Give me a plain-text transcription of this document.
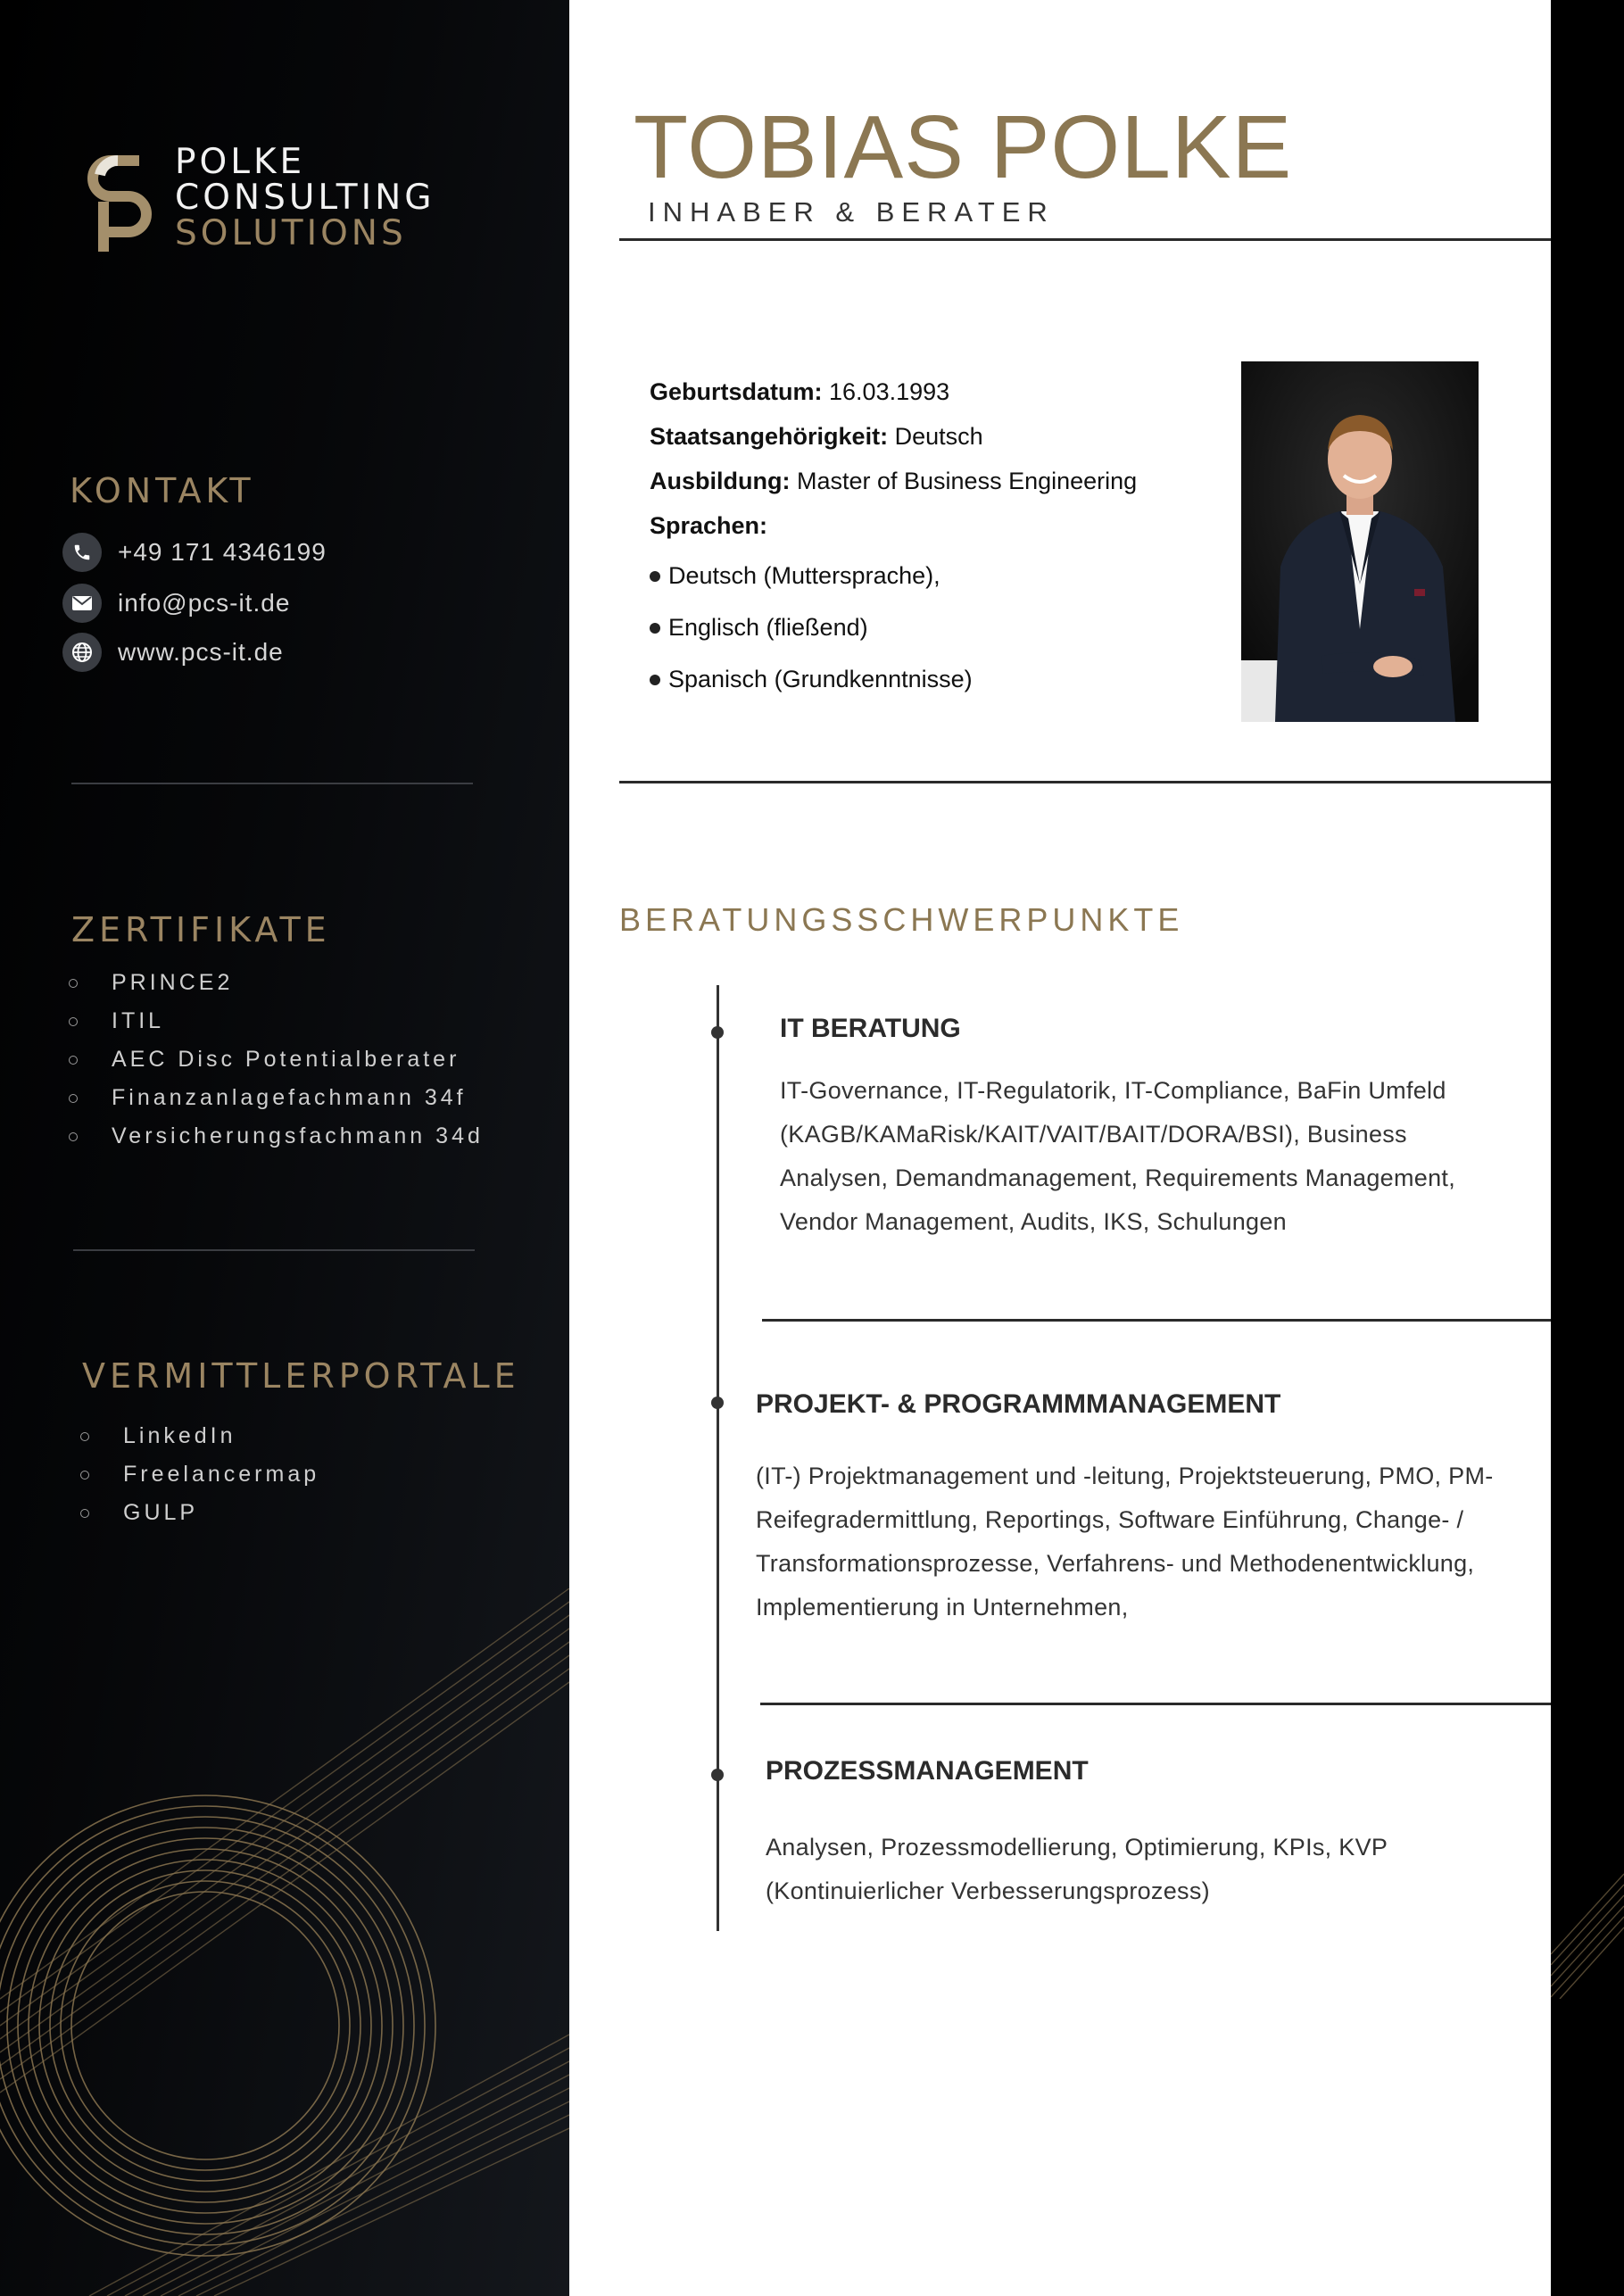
POLKE
CONSULTING
SOLUTIONS
KONTAKT
+49 171 4346199
info@pcs-it.de
www.pcs-it.de
ZERTIFIKATE
PRINCE2
ITIL
AEC Disc Potentialberater
Finanzanlagefachmann 34f
Versicherungsfachmann 34d
VERMITTLERPORTALE
LinkedIn
Freelancermap
GULP
TOBIAS POLKE
INHABER & BERATER
Geburtsdatum: 16.03.1993
Staatsangehörigkeit: Deutsch
Ausbildung: Master of Business Engineering
Sprachen:
Deutsch (Muttersprache),
Englisch (fließend)
Spanisch (Grundkenntnisse)
BERATUNGSSCHWERPUNKTE
IT BERATUNG
IT-Governance, IT-Regulatorik, IT-Compliance, BaFin Umfeld (KAGB/KAMaRisk/KAIT/VAIT/BAIT/DORA/BSI), Business Analysen, Demandmanagement, Requirements Management, Vendor Management, Audits, IKS, Schulungen
PROJEKT- & PROGRAMMMANAGEMENT
(IT-) Projektmanagement und -leitung, Projektsteuerung, PMO, PM-Reifegradermittlung, Reportings, Software Einführung, Change- / Transformationsprozesse, Verfahrens- und Methodenentwicklung, Implementierung in Unternehmen,
PROZESSMANAGEMENT
Analysen, Prozessmodellierung, Optimierung, KPIs, KVP (Kontinuierlicher Verbesserungsprozess)
